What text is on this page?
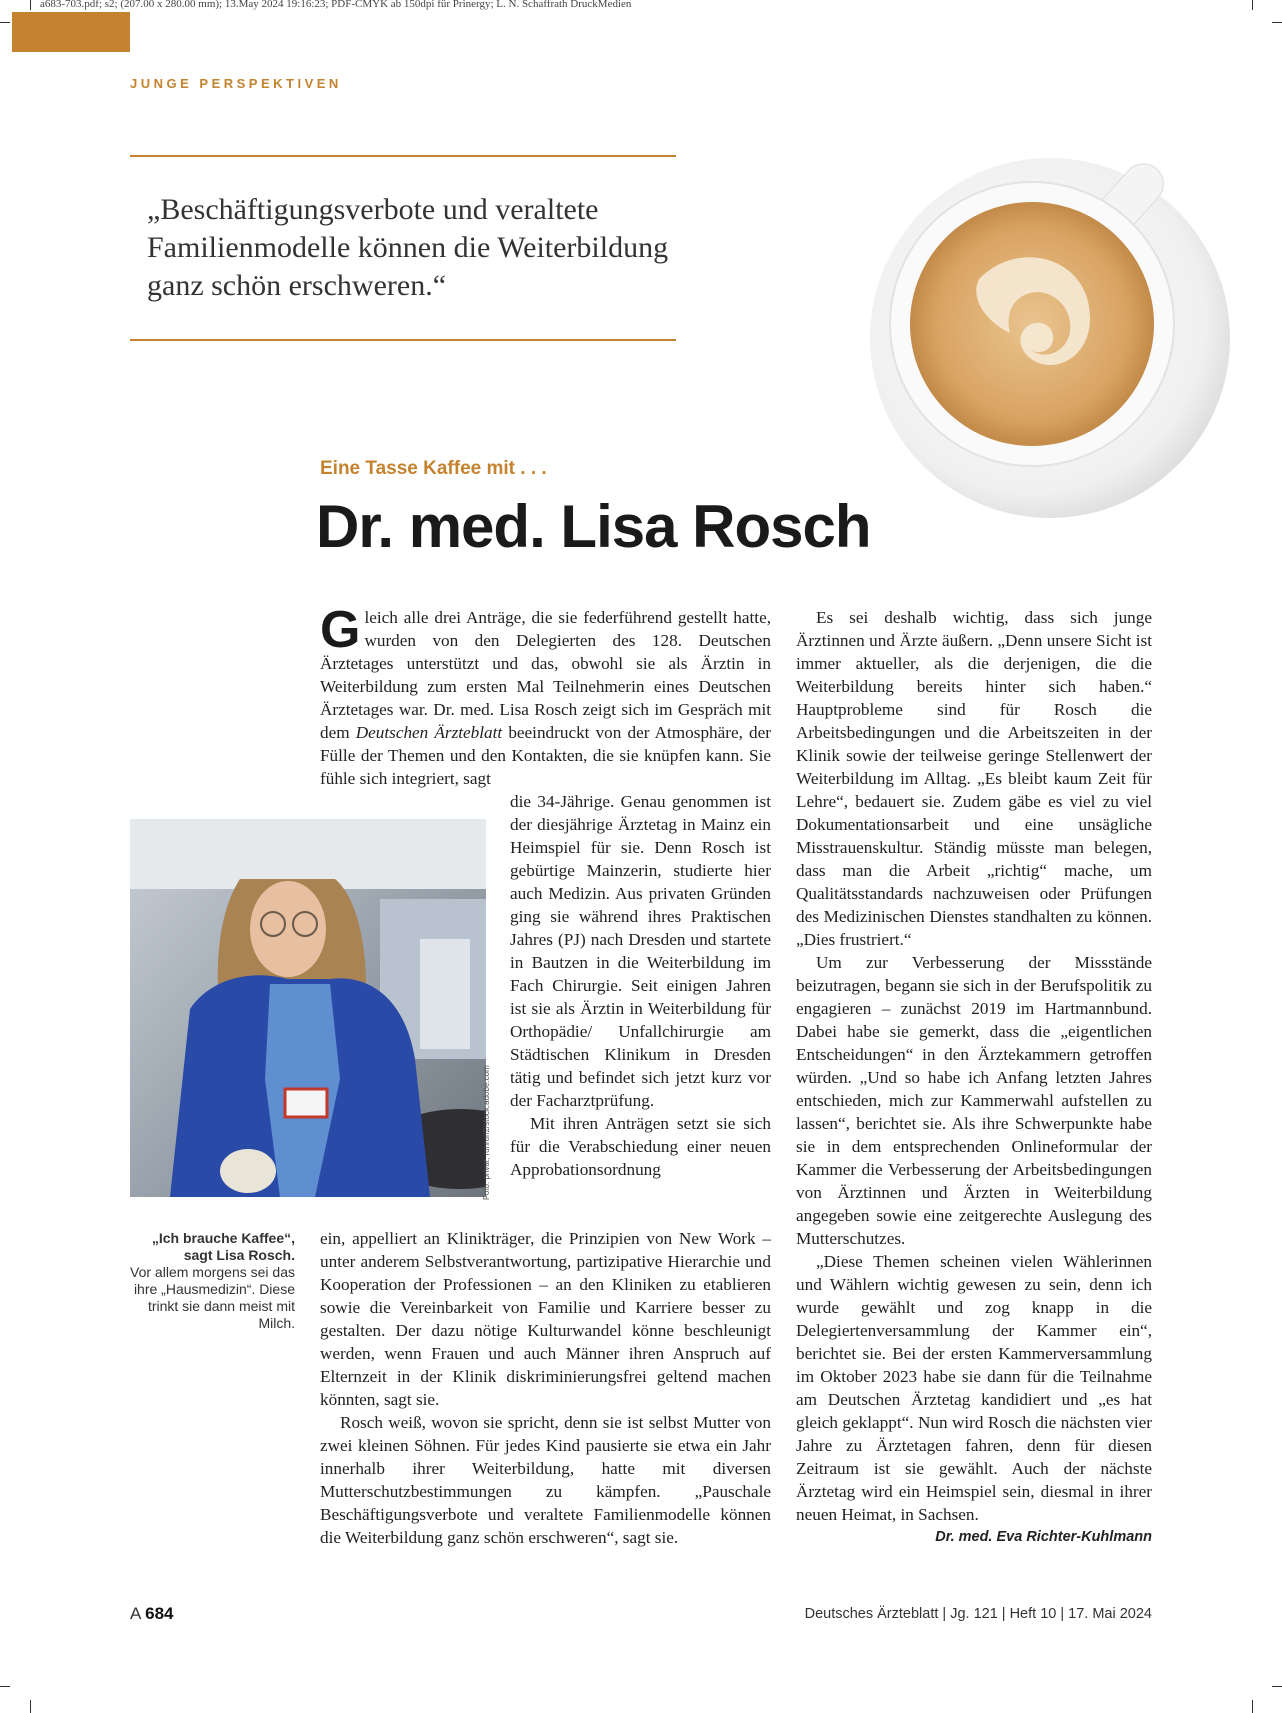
a683-703.pdf; s2; (207.00 x 280.00 mm); 13.May 2024 19:16:23; PDF-CMYK ab 150dpi für Prinergy; L. N. Schaffrath DruckMedien
JUNGE PERSPEKTIVEN

„Beschäftigungsverbote und veraltete Familienmodelle können die Weiterbildung ganz schön erschweren.“

Eine Tasse Kaffee mit . . .
Dr. med. Lisa Rosch

Gleich alle drei Anträge, die sie federführend gestellt hatte, wurden von den Delegierten des 128. Deutschen Ärztetages unterstützt und das, obwohl sie als Ärztin in Weiterbildung zum ersten Mal Teilnehmerin eines Deutschen Ärztetages war. Dr. med. Lisa Rosch zeigt sich im Gespräch mit dem Deutschen Ärzteblatt beeindruckt von der Atmosphäre, der Fülle der Themen und den Kontakten, die sie knüpfen kann. Sie fühle sich integriert, sagt

die 34-Jährige. Genau genommen ist der diesjährige Ärztetag in Mainz ein Heimspiel für sie. Denn Rosch ist gebürtige Mainzerin, studierte hier auch Medizin. Aus privaten Gründen ging sie während ihres Praktischen Jahres (PJ) nach Dresden und startete in Bautzen in die Weiterbildung im Fach Chirurgie. Seit einigen Jahren ist sie als Ärztin in Weiterbildung für Orthopädie/ Unfallchirurgie am Städtischen Klinikum in Dresden tätig und befindet sich jetzt kurz vor der Facharztprüfung.

Mit ihren Anträgen setzt sie sich für die Verabschiedung einer neuen Approbationsordnung

ein, appelliert an Klinikträger, die Prinzipien von New Work – unter anderem Selbstverantwortung, partizipative Hierarchie und Kooperation der Professionen – an den Kliniken zu etablieren sowie die Vereinbarkeit von Familie und Karriere besser zu gestalten. Der dazu nötige Kulturwandel könne beschleunigt werden, wenn Frauen und auch Männer ihren Anspruch auf Elternzeit in der Klinik diskriminierungsfrei geltend machen könnten, sagt sie.

Rosch weiß, wovon sie spricht, denn sie ist selbst Mutter von zwei kleinen Söhnen. Für jedes Kind pausierte sie etwa ein Jahr innerhalb ihrer Weiterbildung, hatte mit diversen Mutterschutzbestimmungen zu kämpfen. „Pauschale Beschäftigungsverbote und veraltete Familienmodelle können die Weiterbildung ganz schön erschweren“, sagt sie.

Es sei deshalb wichtig, dass sich junge Ärztinnen und Ärzte äußern. „Denn unsere Sicht ist immer aktueller, als die derjenigen, die die Weiterbildung bereits hinter sich haben.“ Hauptprobleme sind für Rosch die Arbeitsbedingungen und die Arbeitszeiten in der Klinik sowie der teilweise geringe Stellenwert der Weiterbildung im Alltag. „Es bleibt kaum Zeit für Lehre“, bedauert sie. Zudem gäbe es viel zu viel Dokumentationsarbeit und eine unsägliche Misstrauenskultur. Ständig müsste man belegen, dass man die Arbeit „richtig“ mache, um Qualitätsstandards nachzuweisen oder Prüfungen des Medizinischen Dienstes standhalten zu können. „Dies frustriert.“

Um zur Verbesserung der Missstände beizutragen, begann sie sich in der Berufspolitik zu engagieren – zunächst 2019 im Hartmannbund. Dabei habe sie gemerkt, dass die „eigentlichen Entscheidungen“ in den Ärztekammern getroffen würden. „Und so habe ich Anfang letzten Jahres entschieden, mich zur Kammerwahl aufstellen zu lassen“, berichtet sie. Als ihre Schwerpunkte habe sie in dem entsprechenden Onlineformular der Kammer die Verbesserung der Arbeitsbedingungen von Ärztinnen und Ärzten in Weiterbildung angegeben sowie eine zeitgerechte Auslegung des Mutterschutzes.

„Diese Themen scheinen vielen Wählerinnen und Wählern wichtig gewesen zu sein, denn ich wurde gewählt und zog knapp in die Delegiertenversammlung der Kammer ein“, berichtet sie. Bei der ersten Kammerversammlung im Oktober 2023 habe sie dann für die Teilnahme am Deutschen Ärztetag kandidiert und „es hat gleich geklappt“. Nun wird Rosch die nächsten vier Jahre zu Ärztetagen fahren, denn für diesen Zeitraum ist sie gewählt. Auch der nächste Ärztetag wird ein Heimspiel sein, diesmal in ihrer neuen Heimat, in Sachsen.
Dr. med. Eva Richter-Kuhlmann

Foto: privat; runrun2/stock.adobe.com
„Ich brauche Kaffee“, sagt Lisa Rosch.
Vor allem morgens sei das ihre „Hausmedizin“. Diese trinkt sie dann meist mit Milch.
A 684	Deutsches Ärzteblatt | Jg. 121 | Heft 10 | 17. Mai 2024
